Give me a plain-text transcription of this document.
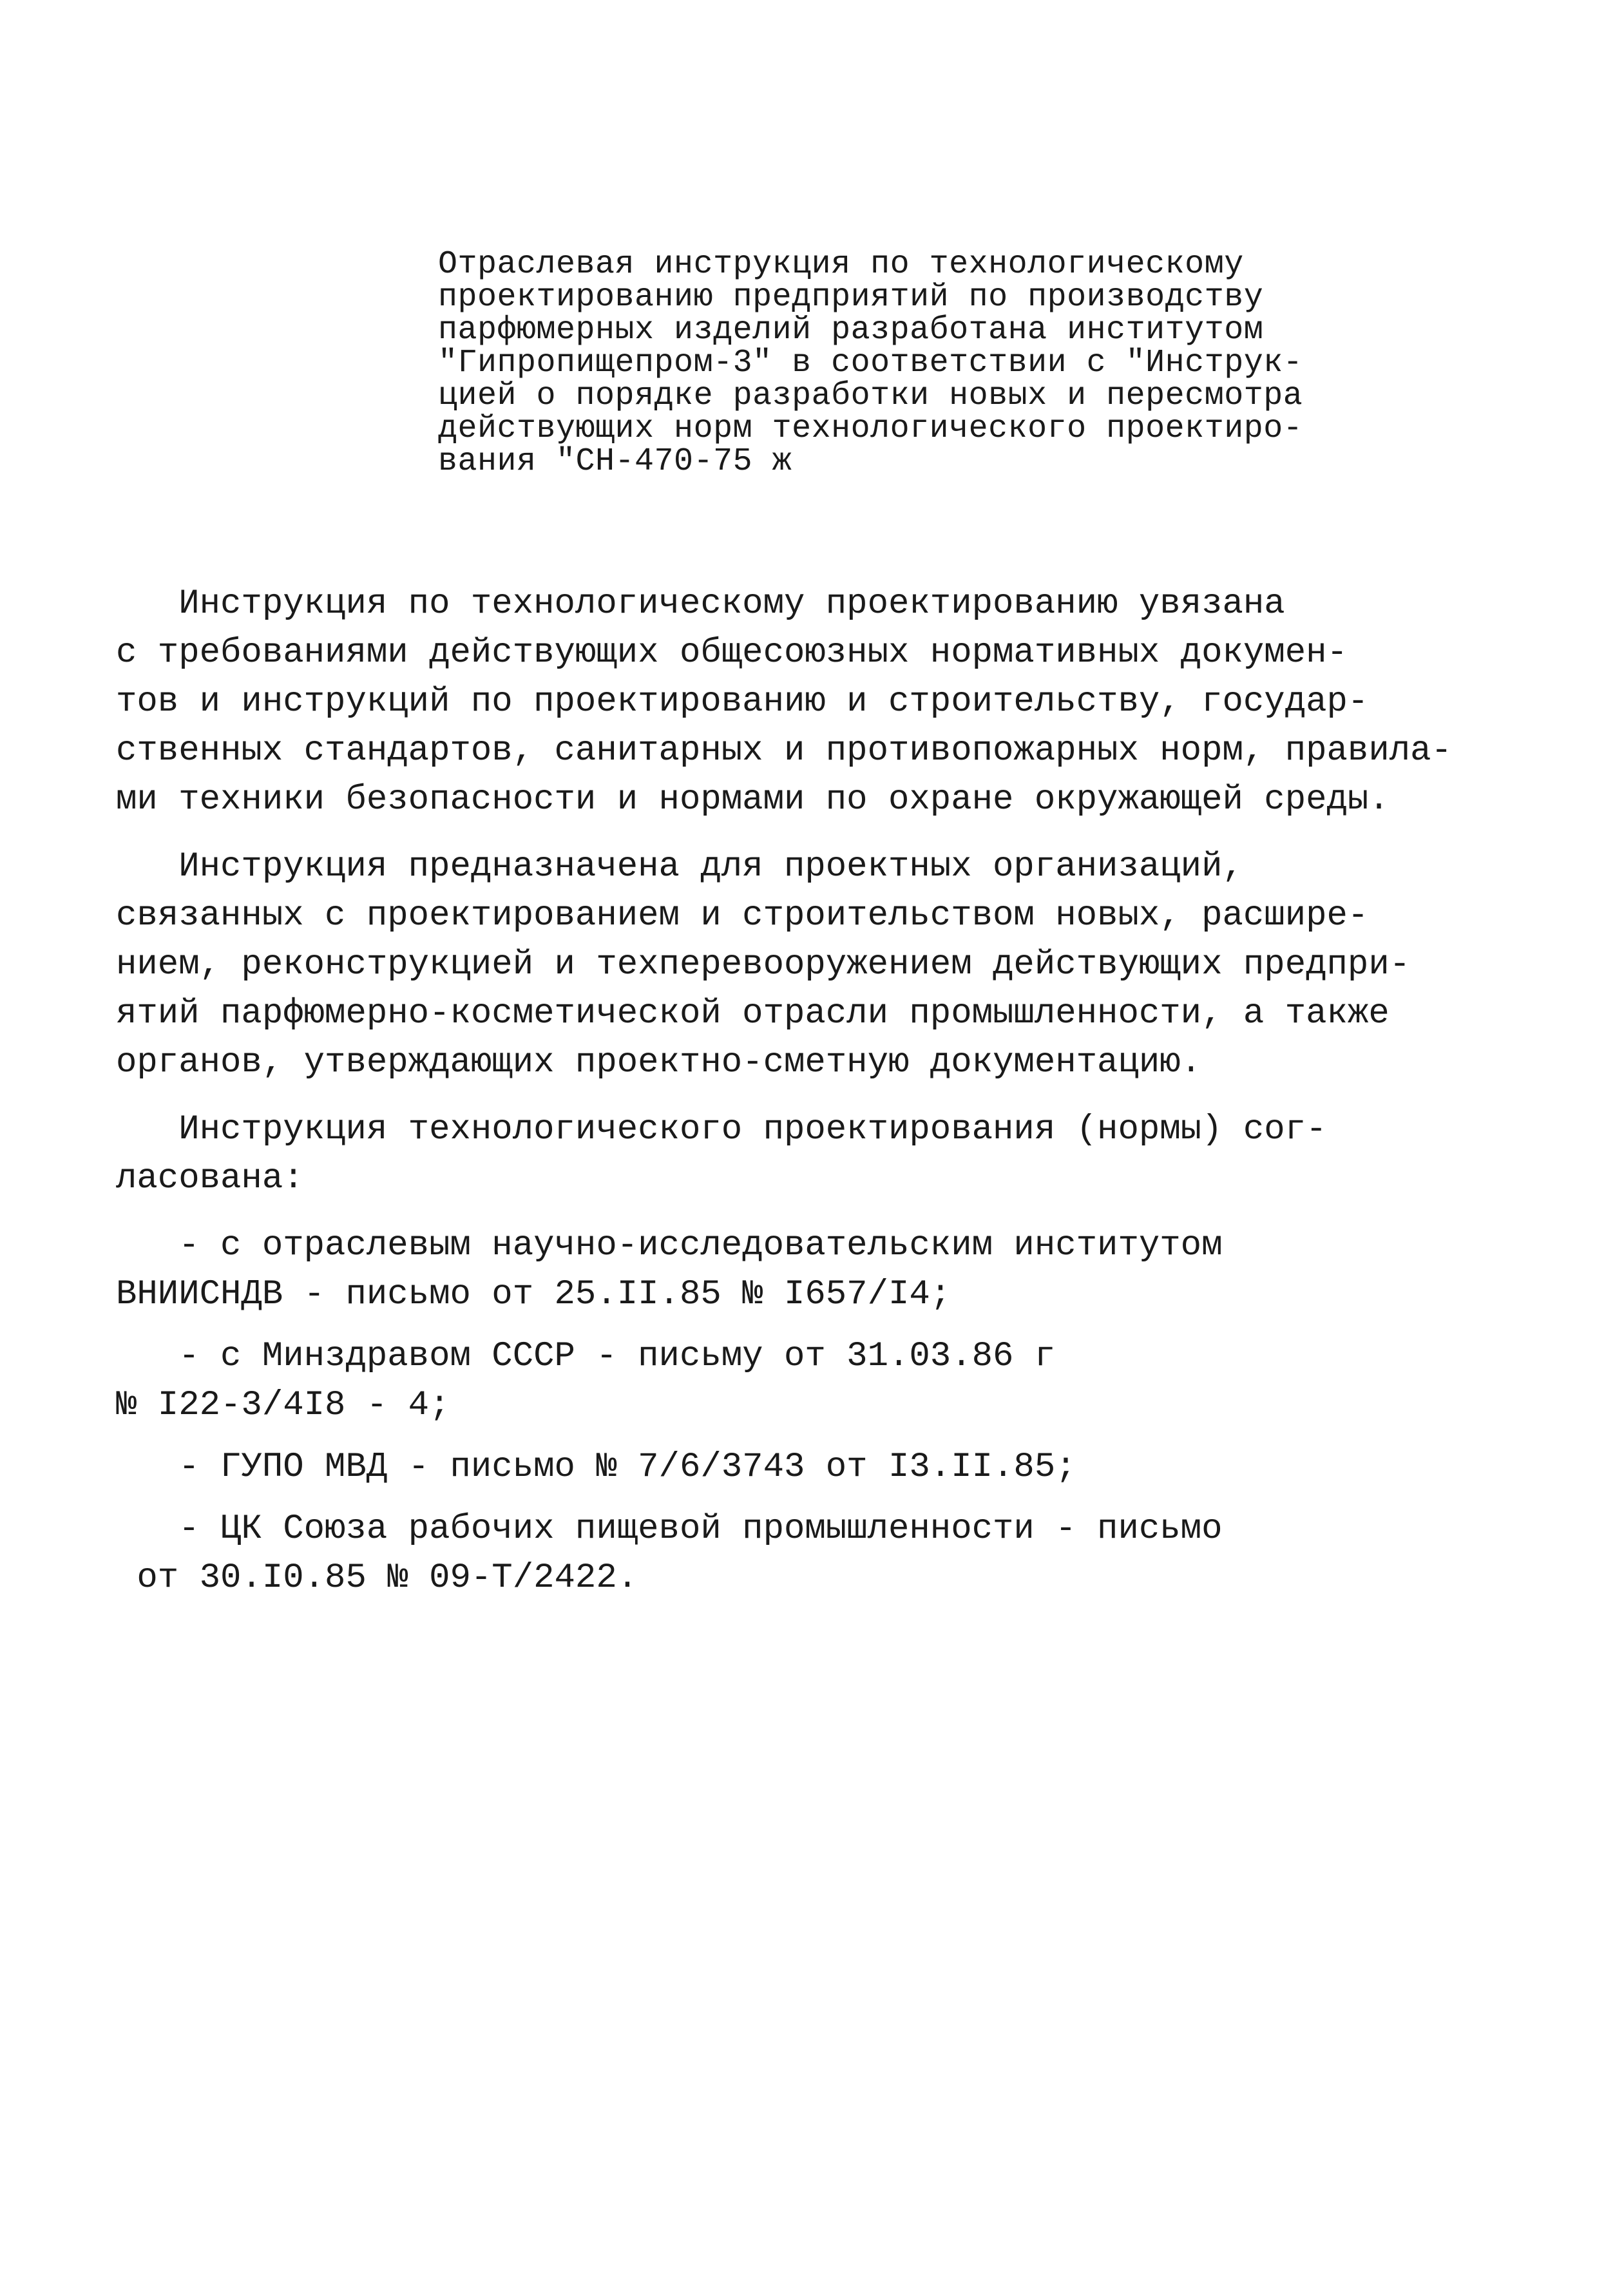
Отраслевая инструкция по технологическому
проектированию предприятий по производству
парфюмерных изделий разработана институтом
"Гипропищепром-3" в соответствии с "Инструк-
цией о порядке разработки новых и пересмотра
действующих норм технологического проектиро-
вания "СН-470-75 ж
Инструкция по технологическому проектированию увязана
с требованиями действующих общесоюзных нормативных докумен-
тов и инструкций по проектированию и строительству, государ-
ственных стандартов, санитарных и противопожарных норм, правила-
ми техники безопасности и нормами по охране окружающей среды.
Инструкция предназначена для проектных организаций,
связанных с проектированием и строительством новых, расшире-
нием, реконструкцией и техперевооружением действующих предпри-
ятий парфюмерно-косметической отрасли промышленности, а также
органов, утверждающих проектно-сметную документацию.
Инструкция технологического проектирования (нормы) сог-
ласована:
- с отраслевым научно-исследовательским институтом
ВНИИСНДВ - письмо от 25.II.85 № I657/I4;
- с Минздравом СССР - письму от 31.03.86 г
№ I22-3/4I8 - 4;
- ГУПО МВД - письмо № 7/6/3743 от I3.II.85;
- ЦК Союза рабочих пищевой промышленности - письмо
от 30.I0.85 № 09-Т/2422.
